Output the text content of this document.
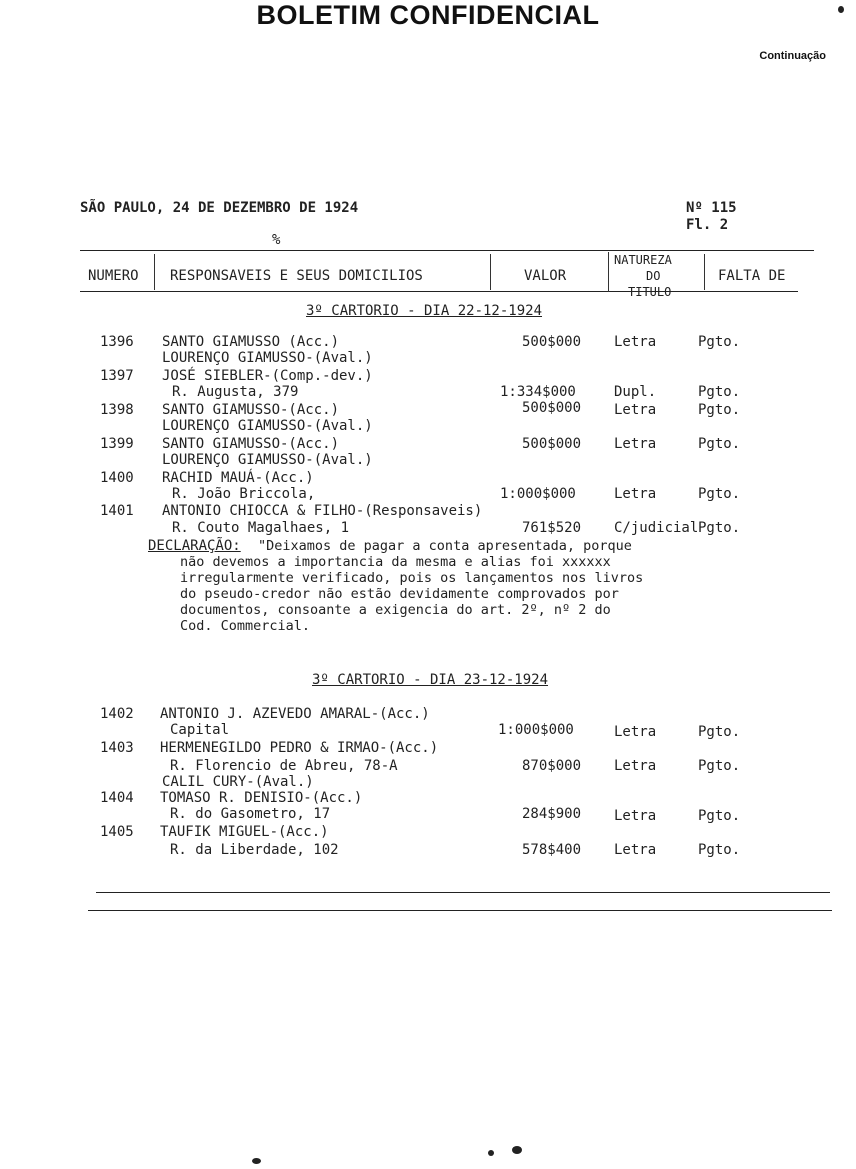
BOLETIM CONFIDENCIAL
Continuação
SÃO PAULO, 24 DE DEZEMBRO DE 1924	Nº 115
Fl. 2
%
NUMERO RESPONSAVEIS E SEUS DOMICILIOS	VALOR
NATUREZA
DO
TITULO
FALTA DE
3º CARTORIO - DIA 22-12-1924
1396 SANTO GIAMUSSO (Acc.)	500$000 Letra	Pgto.
LOURENÇO GIAMUSSO-(Aval.)
1397 JOSÉ SIEBLER-(Comp.-dev.)
R. Augusta, 379	1:334$000	Dupl.	Pgto.
1398 SANTO GIAMUSSO-(Acc.)	500$000 Letra	Pgto.
LOURENÇO GIAMUSSO-(Aval.)
1399 SANTO GIAMUSSO-(Acc.)	500$000 Letra	Pgto.
LOURENÇO GIAMUSSO-(Aval.)
1400 RACHID MAUÁ-(Acc.)
R. João Briccola,	1:000$000	Letra	Pgto.
1401 ANTONIO CHIOCCA & FILHO-(Responsaveis)
R. Couto Magalhaes, 1	761$520 C/judicial Pgto.
DECLARAÇÃO: "Deixamos de pagar a conta apresentada, porque
não devemos a importancia da mesma e alias foi xxxxxx
irregularmente verificado, pois os lançamentos nos livros
do pseudo-credor não estão devidamente comprovados por
documentos, consoante a exigencia do art. 2º, nº 2 do
Cod. Commercial.
3º CARTORIO - DIA 23-12-1924
1402 ANTONIO J. AZEVEDO AMARAL-(Acc.)
Capital	1:000$000	Letra	Pgto.
1403 HERMENEGILDO PEDRO & IRMAO-(Acc.)
R. Florencio de Abreu, 78-A	870$000 Letra	Pgto.
CALIL CURY-(Aval.)
1404 TOMASO R. DENISIO-(Acc.)
R. do Gasometro, 17	284$900 Letra	Pgto.
1405 TAUFIK MIGUEL-(Acc.)
R. da Liberdade, 102	578$400 Letra	Pgto.
